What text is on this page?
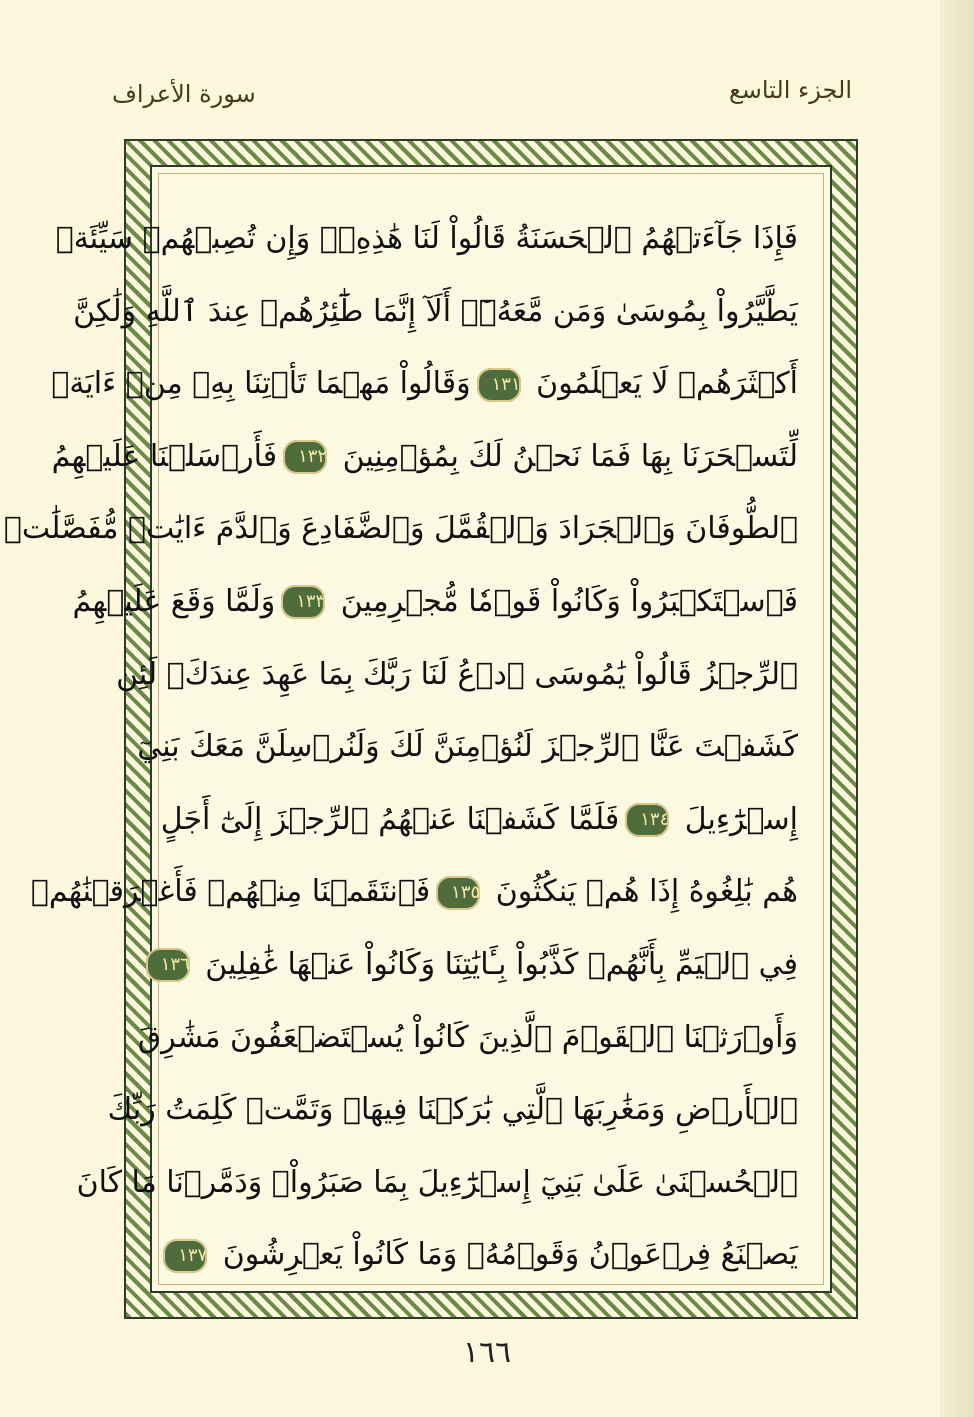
الجزء التاسع
سورة الأعراف
فَإِذَا جَآءَتۡهُمُ ٱلۡحَسَنَةُ قَالُواْ لَنَا هَٰذِهِۦۖ وَإِن تُصِبۡهُمۡ سَيِّئَةٞ
يَطَّيَّرُواْ بِمُوسَىٰ وَمَن مَّعَهُۥٓۗ أَلَآ إِنَّمَا طَٰٓئِرُهُمۡ عِندَ ٱللَّهِ وَلَٰكِنَّ
أَكۡثَرَهُمۡ لَا يَعۡلَمُونَ ١٣١وَقَالُواْ مَهۡمَا تَأۡتِنَا بِهِۦ مِنۡ ءَايَةٖ
لِّتَسۡحَرَنَا بِهَا فَمَا نَحۡنُ لَكَ بِمُؤۡمِنِينَ ١٣٢فَأَرۡسَلۡنَا عَلَيۡهِمُ
ٱلطُّوفَانَ وَٱلۡجَرَادَ وَٱلۡقُمَّلَ وَٱلضَّفَادِعَ وَٱلدَّمَ ءَايَٰتٖ مُّفَصَّلَٰتٖ
فَٱسۡتَكۡبَرُواْ وَكَانُواْ قَوۡمٗا مُّجۡرِمِينَ ١٣٣وَلَمَّا وَقَعَ عَلَيۡهِمُ
ٱلرِّجۡزُ قَالُواْ يَٰمُوسَى ٱدۡعُ لَنَا رَبَّكَ بِمَا عَهِدَ عِندَكَۖ لَئِن
كَشَفۡتَ عَنَّا ٱلرِّجۡزَ لَنُؤۡمِنَنَّ لَكَ وَلَنُرۡسِلَنَّ مَعَكَ بَنِيٓ
إِسۡرَٰٓءِيلَ ١٣٤فَلَمَّا كَشَفۡنَا عَنۡهُمُ ٱلرِّجۡزَ إِلَىٰٓ أَجَلٍ
هُم بَٰلِغُوهُ إِذَا هُمۡ يَنكُثُونَ ١٣٥فَٱنتَقَمۡنَا مِنۡهُمۡ فَأَغۡرَقۡنَٰهُمۡ
فِي ٱلۡيَمِّ بِأَنَّهُمۡ كَذَّبُواْ بِـَٔايَٰتِنَا وَكَانُواْ عَنۡهَا غَٰفِلِينَ ١٣٦
وَأَوۡرَثۡنَا ٱلۡقَوۡمَ ٱلَّذِينَ كَانُواْ يُسۡتَضۡعَفُونَ مَشَٰرِقَ
ٱلۡأَرۡضِ وَمَغَٰرِبَهَا ٱلَّتِي بَٰرَكۡنَا فِيهَاۖ وَتَمَّتۡ كَلِمَتُ رَبِّكَ
ٱلۡحُسۡنَىٰ عَلَىٰ بَنِيٓ إِسۡرَٰٓءِيلَ بِمَا صَبَرُواْۖ وَدَمَّرۡنَا مَا كَانَ
يَصۡنَعُ فِرۡعَوۡنُ وَقَوۡمُهُۥ وَمَا كَانُواْ يَعۡرِشُونَ ١٣٧
١٦٦
